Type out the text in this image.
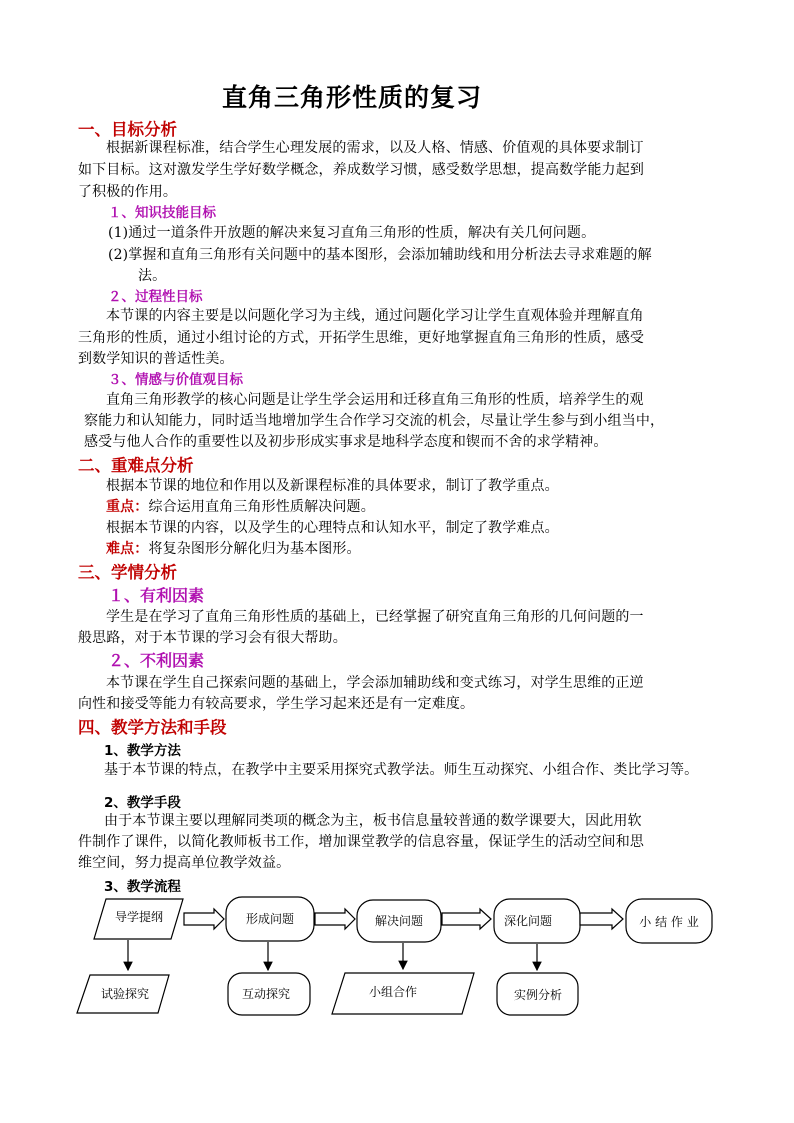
直角三角形性质的复习
一、目标分析
根据新课程标准，结合学生心理发展的需求，以及人格、情感、价值观的具体要求制订
如下目标。这对激发学生学好数学概念，养成数学习惯，感受数学思想，提高数学能力起到
了积极的作用。
１、知识技能目标
(1)通过一道条件开放题的解决来复习直角三角形的性质，解决有关几何问题。
(2)掌握和直角三角形有关问题中的基本图形，会添加辅助线和用分析法去寻求难题的解
法。
２、过程性目标
本节课的内容主要是以问题化学习为主线，通过问题化学习让学生直观体验并理解直角
三角形的性质，通过小组讨论的方式，开拓学生思维，更好地掌握直角三角形的性质，感受
到数学知识的普适性美。
３、情感与价值观目标
直角三角形教学的核心问题是让学生学会运用和迁移直角三角形的性质，培养学生的观
察能力和认知能力，同时适当地增加学生合作学习交流的机会，尽量让学生参与到小组当中，
感受与他人合作的重要性以及初步形成实事求是地科学态度和锲而不舍的求学精神。
二、重难点分析
根据本节课的地位和作用以及新课程标准的具体要求，制订了教学重点。
重点：综合运用直角三角形性质解决问题。
根据本节课的内容，以及学生的心理特点和认知水平，制定了教学难点。
难点：将复杂图形分解化归为基本图形。
三、学情分析
１、有利因素
学生是在学习了直角三角形性质的基础上，已经掌握了研究直角三角形的几何问题的一
般思路，对于本节课的学习会有很大帮助。
２、不利因素
本节课在学生自己探索问题的基础上，学会添加辅助线和变式练习，对学生思维的正逆
向性和接受等能力有较高要求，学生学习起来还是有一定难度。
四、教学方法和手段
1、教学方法
基于本节课的特点，在教学中主要采用探究式教学法。师生互动探究、小组合作、类比学习等。
2、教学手段
由于本节课主要以理解同类项的概念为主，板书信息量较普通的数学课要大，因此用软
件制作了课件，以简化教师板书工作，增加课堂教学的信息容量，保证学生的活动空间和思
维空间，努力提高单位教学效益。
3、教学流程
导学提纲	形成问题	解决问题	深化问题	小 结 作 业
试验探究	互动探究	小组合作	实例分析
